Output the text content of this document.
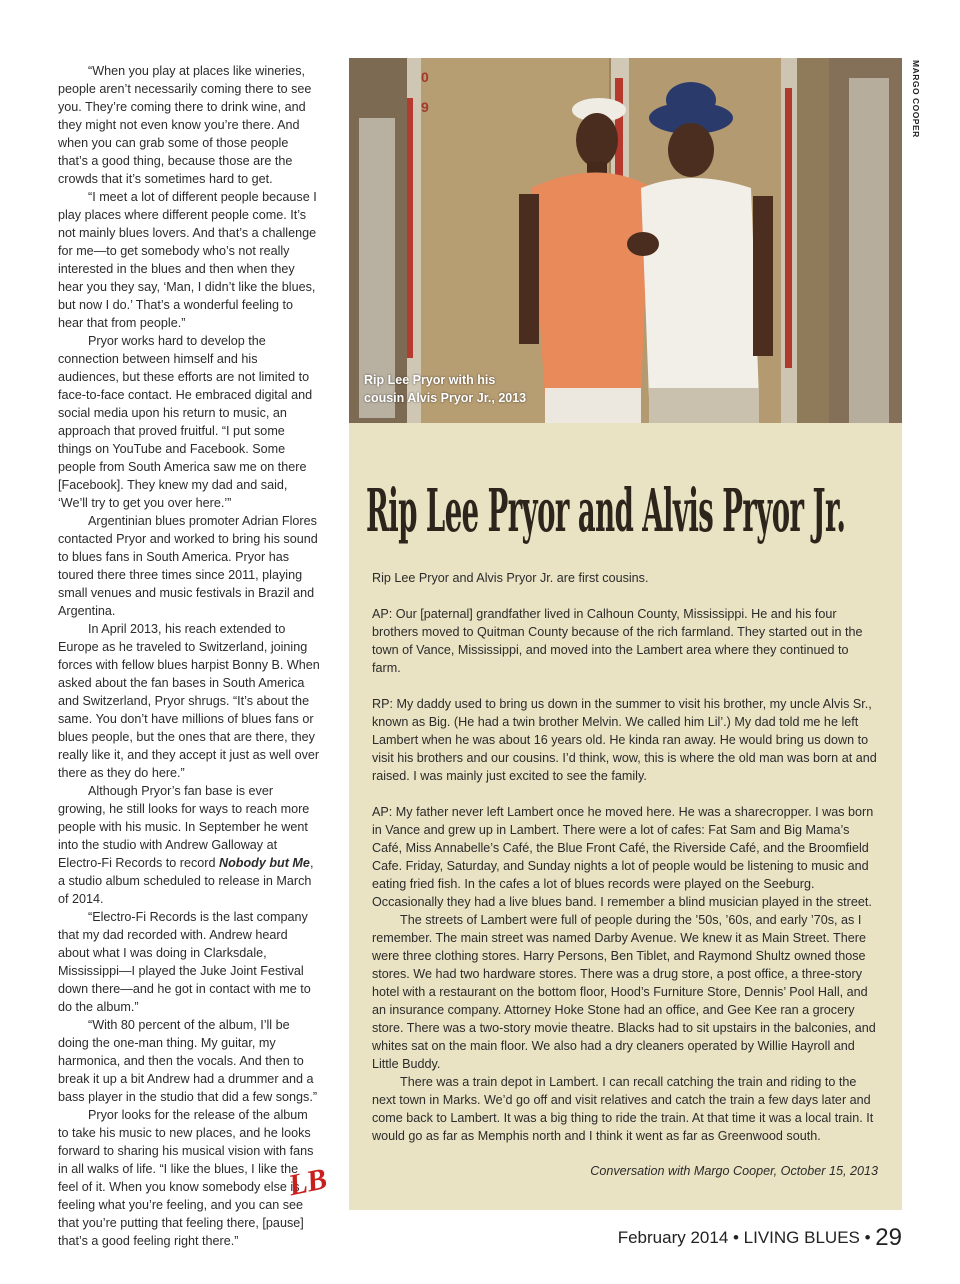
“When you play at places like wineries, people aren’t necessarily coming there to see you. They’re coming there to drink wine, and they might not even know you’re there. And when you can grab some of those people that’s a good thing, because those are the crowds that it’s sometimes hard to get.

“I meet a lot of different people because I play places where different people come. It’s not mainly blues lovers. And that’s a challenge for me—to get somebody who’s not really interested in the blues and then when they hear you they say, ‘Man, I didn’t like the blues, but now I do.’ That’s a wonderful feeling to hear that from people.”

Pryor works hard to develop the connection between himself and his audiences, but these efforts are not limited to face-to-face contact. He embraced digital and social media upon his return to music, an approach that proved fruitful. “I put some things on YouTube and Facebook. Some people from South America saw me on there [Facebook]. They knew my dad and said, ‘We’ll try to get you over here.’”

Argentinian blues promoter Adrian Flores contacted Pryor and worked to bring his sound to blues fans in South America. Pryor has toured there three times since 2011, playing small venues and music festivals in Brazil and Argentina.

In April 2013, his reach extended to Europe as he traveled to Switzerland, joining forces with fellow blues harpist Bonny B. When asked about the fan bases in South America and Switzerland, Pryor shrugs. “It’s about the same. You don’t have millions of blues fans or blues people, but the ones that are there, they really like it, and they accept it just as well over there as they do here.”

Although Pryor’s fan base is ever growing, he still looks for ways to reach more people with his music. In September he went into the studio with Andrew Galloway at Electro-Fi Records to record Nobody but Me, a studio album scheduled to release in March of 2014.

“Electro-Fi Records is the last company that my dad recorded with. Andrew heard about what I was doing in Clarksdale, Mississippi—I played the Juke Joint Festival down there—and he got in contact with me to do the album.”

“With 80 percent of the album, I’ll be doing the one-man thing. My guitar, my harmonica, and then the vocals. And then to break it up a bit Andrew had a drummer and a bass player in the studio that did a few songs.”

Pryor looks for the release of the album to take his music to new places, and he looks forward to sharing his musical vision with fans in all walks of life. “I like the blues, I like the feel of it. When you know somebody else is feeling what you’re feeling, and you can see that you’re putting that feeling there, [pause] that’s a good feeling right there.”

LB
0
9	MARGO COOPER
Rip Lee Pryor with his
cousin Alvis Pryor Jr., 2013
Rip Lee Pryor and Alvis Pryor Jr.

Rip Lee Pryor and Alvis Pryor Jr. are first cousins.

AP: Our [paternal] grandfather lived in Calhoun County, Mississippi. He and his four brothers moved to Quitman County because of the rich farmland. They started out in the town of Vance, Mississippi, and moved into the Lambert area where they continued to farm.

RP: My daddy used to bring us down in the summer to visit his brother, my uncle Alvis Sr., known as Big. (He had a twin brother Melvin. We called him Lil’.) My dad told me he left Lambert when he was about 16 years old. He kinda ran away. He would bring us down to visit his brothers and our cousins. I’d think, wow, this is where the old man was born at and raised. I was mainly just excited to see the family.

AP: My father never left Lambert once he moved here. He was a sharecropper. I was born in Vance and grew up in Lambert. There were a lot of cafes: Fat Sam and Big Mama’s Café, Miss Annabelle’s Café, the Blue Front Café, the Riverside Café, and the Broomfield Cafe. Friday, Saturday, and Sunday nights a lot of people would be listening to music and eating fried fish. In the cafes a lot of blues records were played on the Seeburg. Occasionally they had a live blues band. I remember a blind musician played in the street.

The streets of Lambert were full of people during the ’50s, ’60s, and early ’70s, as I remember. The main street was named Darby Avenue. We knew it as Main Street. There were three clothing stores. Harry Persons, Ben Tiblet, and Raymond Shultz owned those stores. We had two hardware stores. There was a drug store, a post office, a three-story hotel with a restaurant on the bottom floor, Hood’s Furniture Store, Dennis’ Pool Hall, and an insurance company. Attorney Hoke Stone had an office, and Gee Kee ran a grocery store. There was a two-story movie theatre. Blacks had to sit upstairs in the balconies, and whites sat on the main floor. We also had a dry cleaners operated by Willie Hayroll and Little Buddy.

There was a train depot in Lambert. I can recall catching the train and riding to the next town in Marks. We’d go off and visit relatives and catch the train a few days later and come back to Lambert. It was a big thing to ride the train. At that time it was a local train. It would go as far as Memphis north and I think it went as far as Greenwood south.

Conversation with Margo Cooper, October 15, 2013
February 2014 • LIVING BLUES • 29
